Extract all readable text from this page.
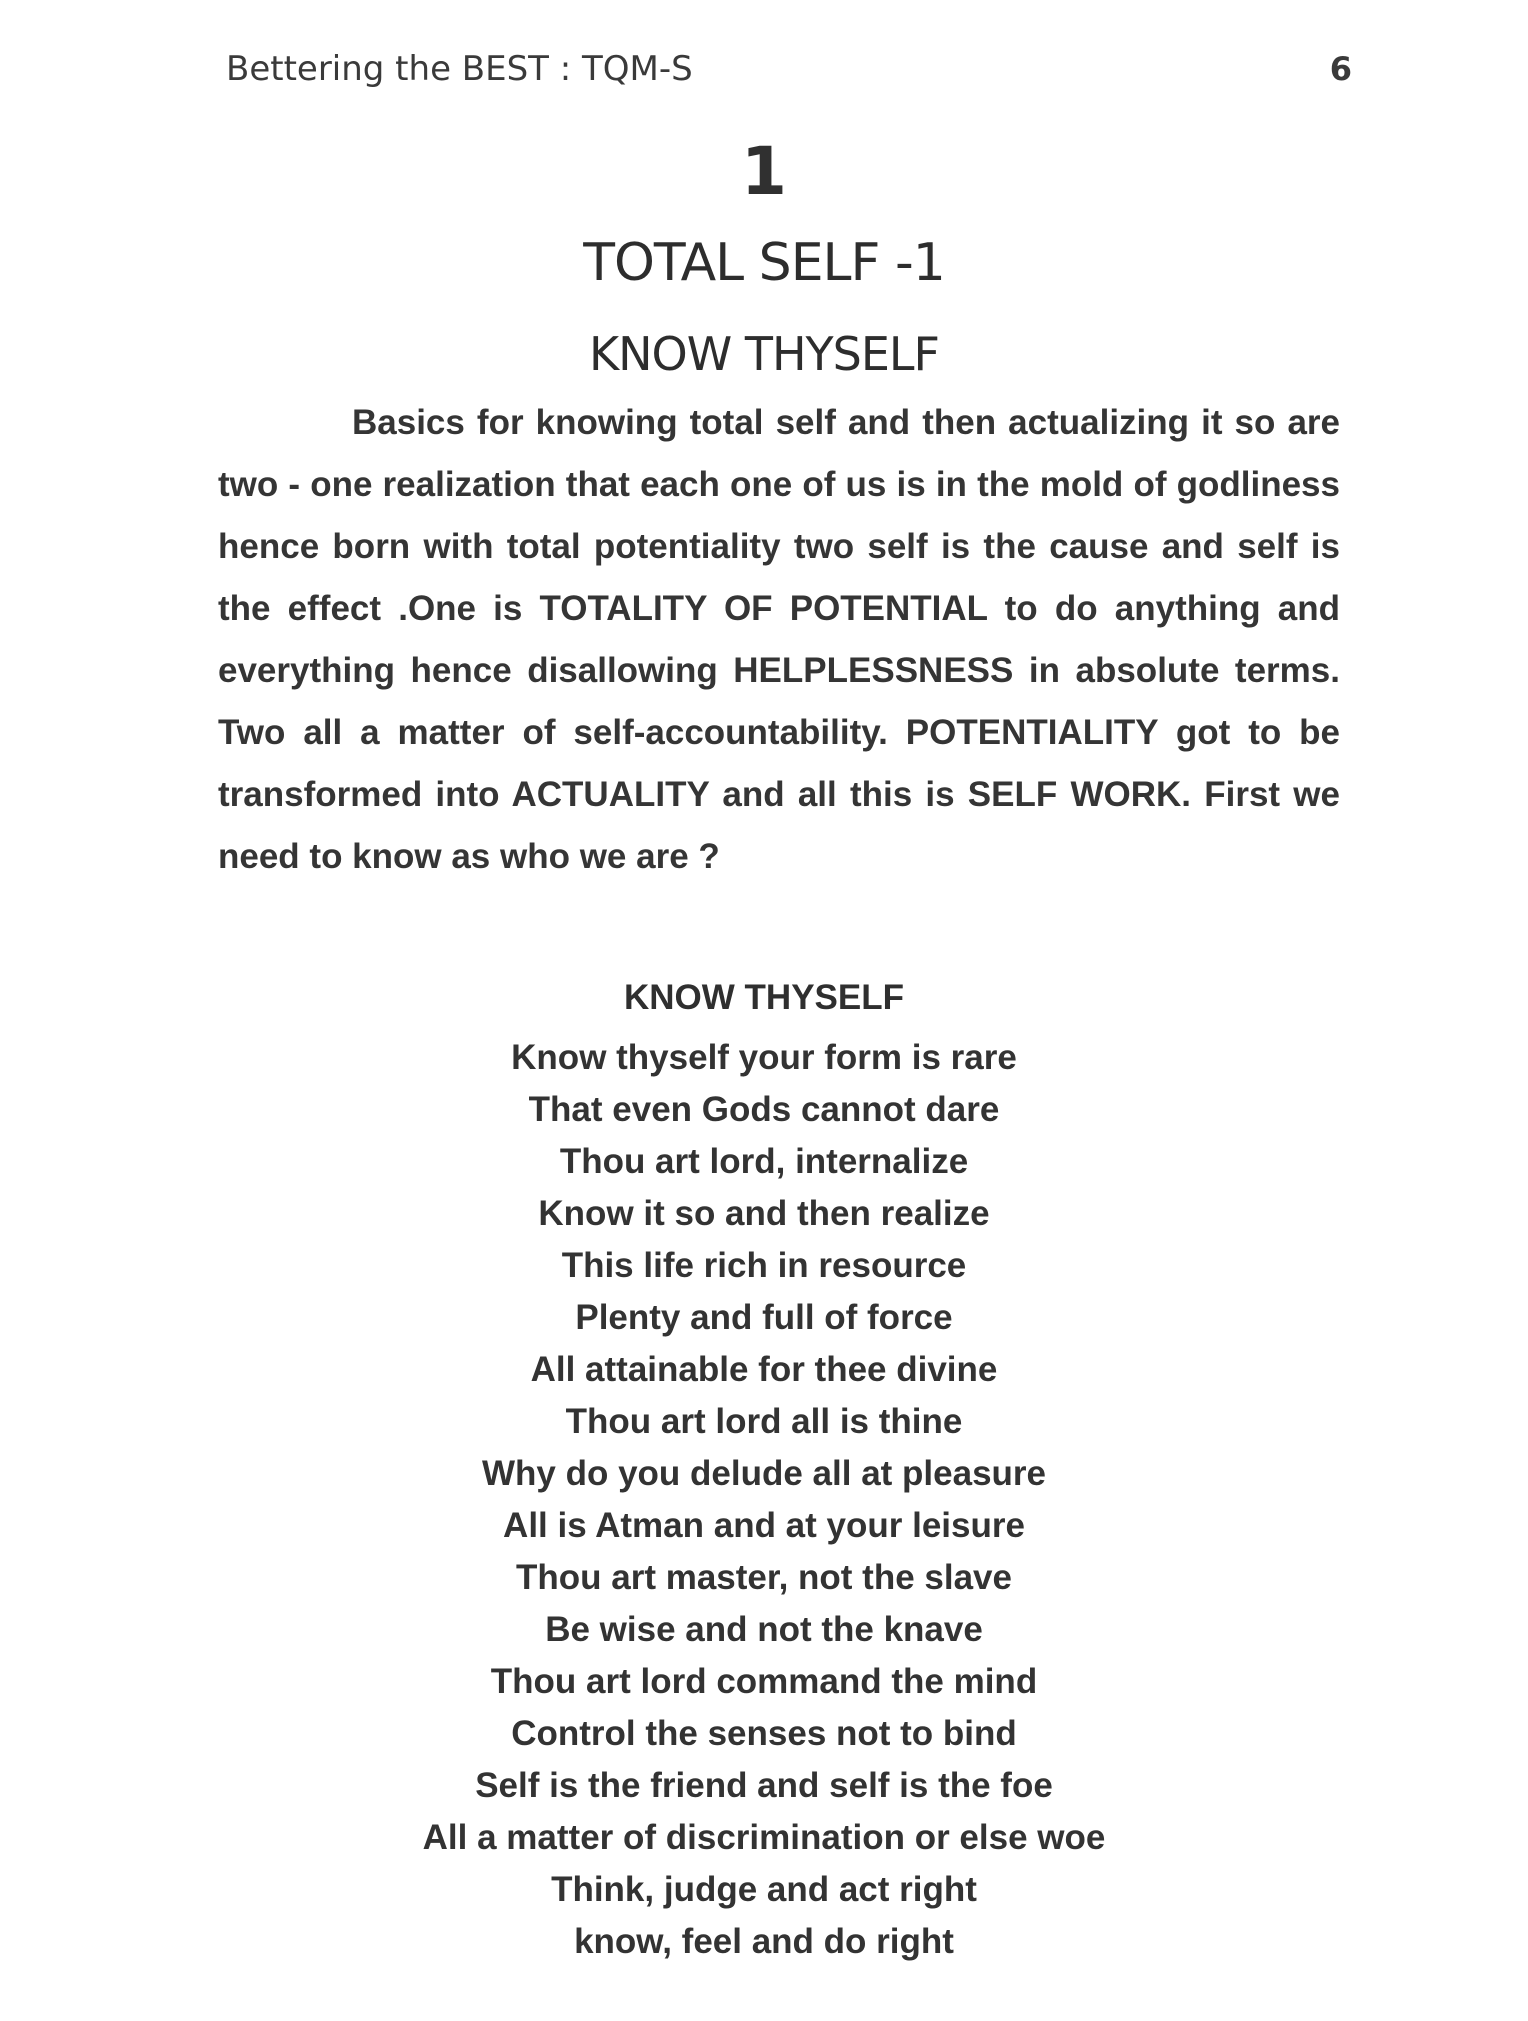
Bettering the BEST : TQM-S	6
1
TOTAL SELF -1
KNOW THYSELF

Basics for knowing total self and then actualizing it so are two - one realization that each one of us is in the mold of godliness hence born with total potentiality two self is the cause and self is the effect .One is TOTALITY OF POTENTIAL to do anything and everything hence disallowing HELPLESSNESS in absolute terms. Two all a matter of self-accountability. POTENTIALITY got to be transformed into ACTUALITY and all this is SELF WORK. First we need to know as who we are ?

KNOW THYSELF
Know thyself your form is rare
That even Gods cannot dare
Thou art lord, internalize
Know it so and then realize
This life rich in resource
Plenty and full of force
All attainable for thee divine
Thou art lord all is thine
Why do you delude all at pleasure
All is Atman and at your leisure
Thou art master, not the slave
Be wise and not the knave
Thou art lord command the mind
Control the senses not to bind
Self is the friend and self is the foe
All a matter of discrimination or else woe
Think, judge and act right
know, feel and do right
